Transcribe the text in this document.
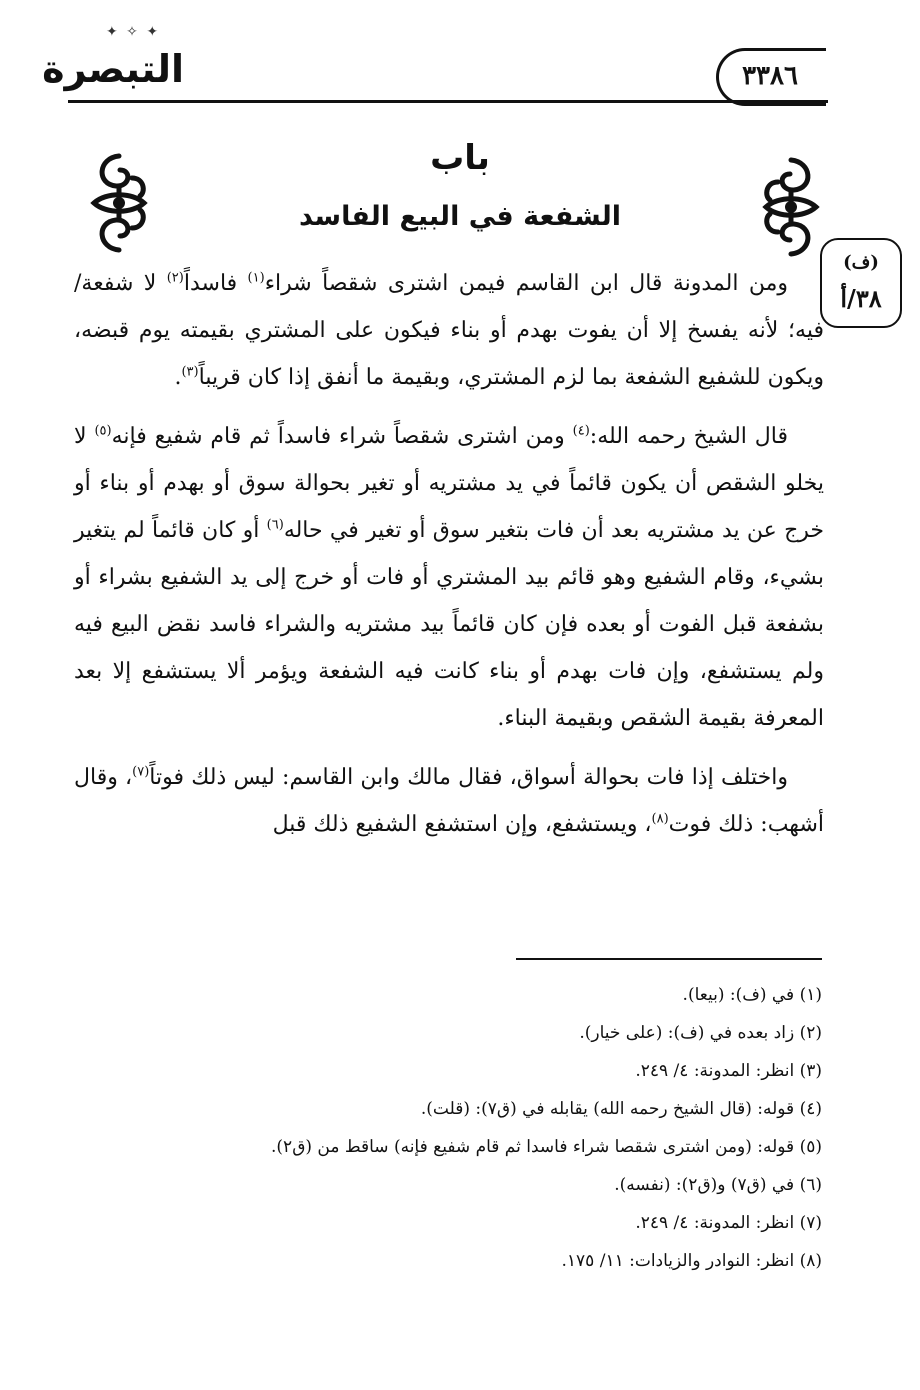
✦ ✧ ✦
التبصرة	٣٣٨٦
باب
الشفعة في البيع الفاسد
(ف)
٣٨/أ

ومن المدونة قال ابن القاسم فيمن اشترى شقصاً شراء$^{(١)}$ فاسداً$^{(٢)}$ لا شفعة/ فيه؛ لأنه يفسخ إلا أن يفوت بهدم أو بناء فيكون على المشتري بقيمته يوم قبضه، ويكون للشفيع الشفعة بما لزم المشتري، وبقيمة ما أنفق إذا كان قريباً$^{(٣)}$.

قال الشيخ رحمه الله:$^{(٤)}$ ومن اشترى شقصاً شراء فاسداً ثم قام شفيع فإنه$^{(٥)}$ لا يخلو الشقص أن يكون قائماً في يد مشتريه أو تغير بحوالة سوق أو بهدم أو بناء أو خرج عن يد مشتريه بعد أن فات بتغير سوق أو تغير في حاله$^{(٦)}$ أو كان قائماً لم يتغير بشيء، وقام الشفيع وهو قائم بيد المشتري أو فات أو خرج إلى يد الشفيع بشراء أو بشفعة قبل الفوت أو بعده فإن كان قائماً بيد مشتريه والشراء فاسد نقض البيع فيه ولم يستشفع، وإن فات بهدم أو بناء كانت فيه الشفعة ويؤمر ألا يستشفع إلا بعد المعرفة بقيمة الشقص وبقيمة البناء.

واختلف إذا فات بحوالة أسواق، فقال مالك وابن القاسم: ليس ذلك فوتاً$^{(٧)}$، وقال أشهب: ذلك فوت$^{(٨)}$، ويستشفع، وإن استشفع الشفيع ذلك قبل

(١) في (ف): (بيعا).
(٢) زاد بعده في (ف): (على خيار).
(٣) انظر: المدونة: ٤/ ٢٤٩.
(٤) قوله: (قال الشيخ رحمه الله) يقابله في (ق٧): (قلت).
(٥) قوله: (ومن اشترى شقصا شراء فاسدا ثم قام شفيع فإنه) ساقط من (ق٢).
(٦) في (ق٧) و(ق٢): (نفسه).
(٧) انظر: المدونة: ٤/ ٢٤٩.
(٨) انظر: النوادر والزيادات: ١١/ ١٧٥.
